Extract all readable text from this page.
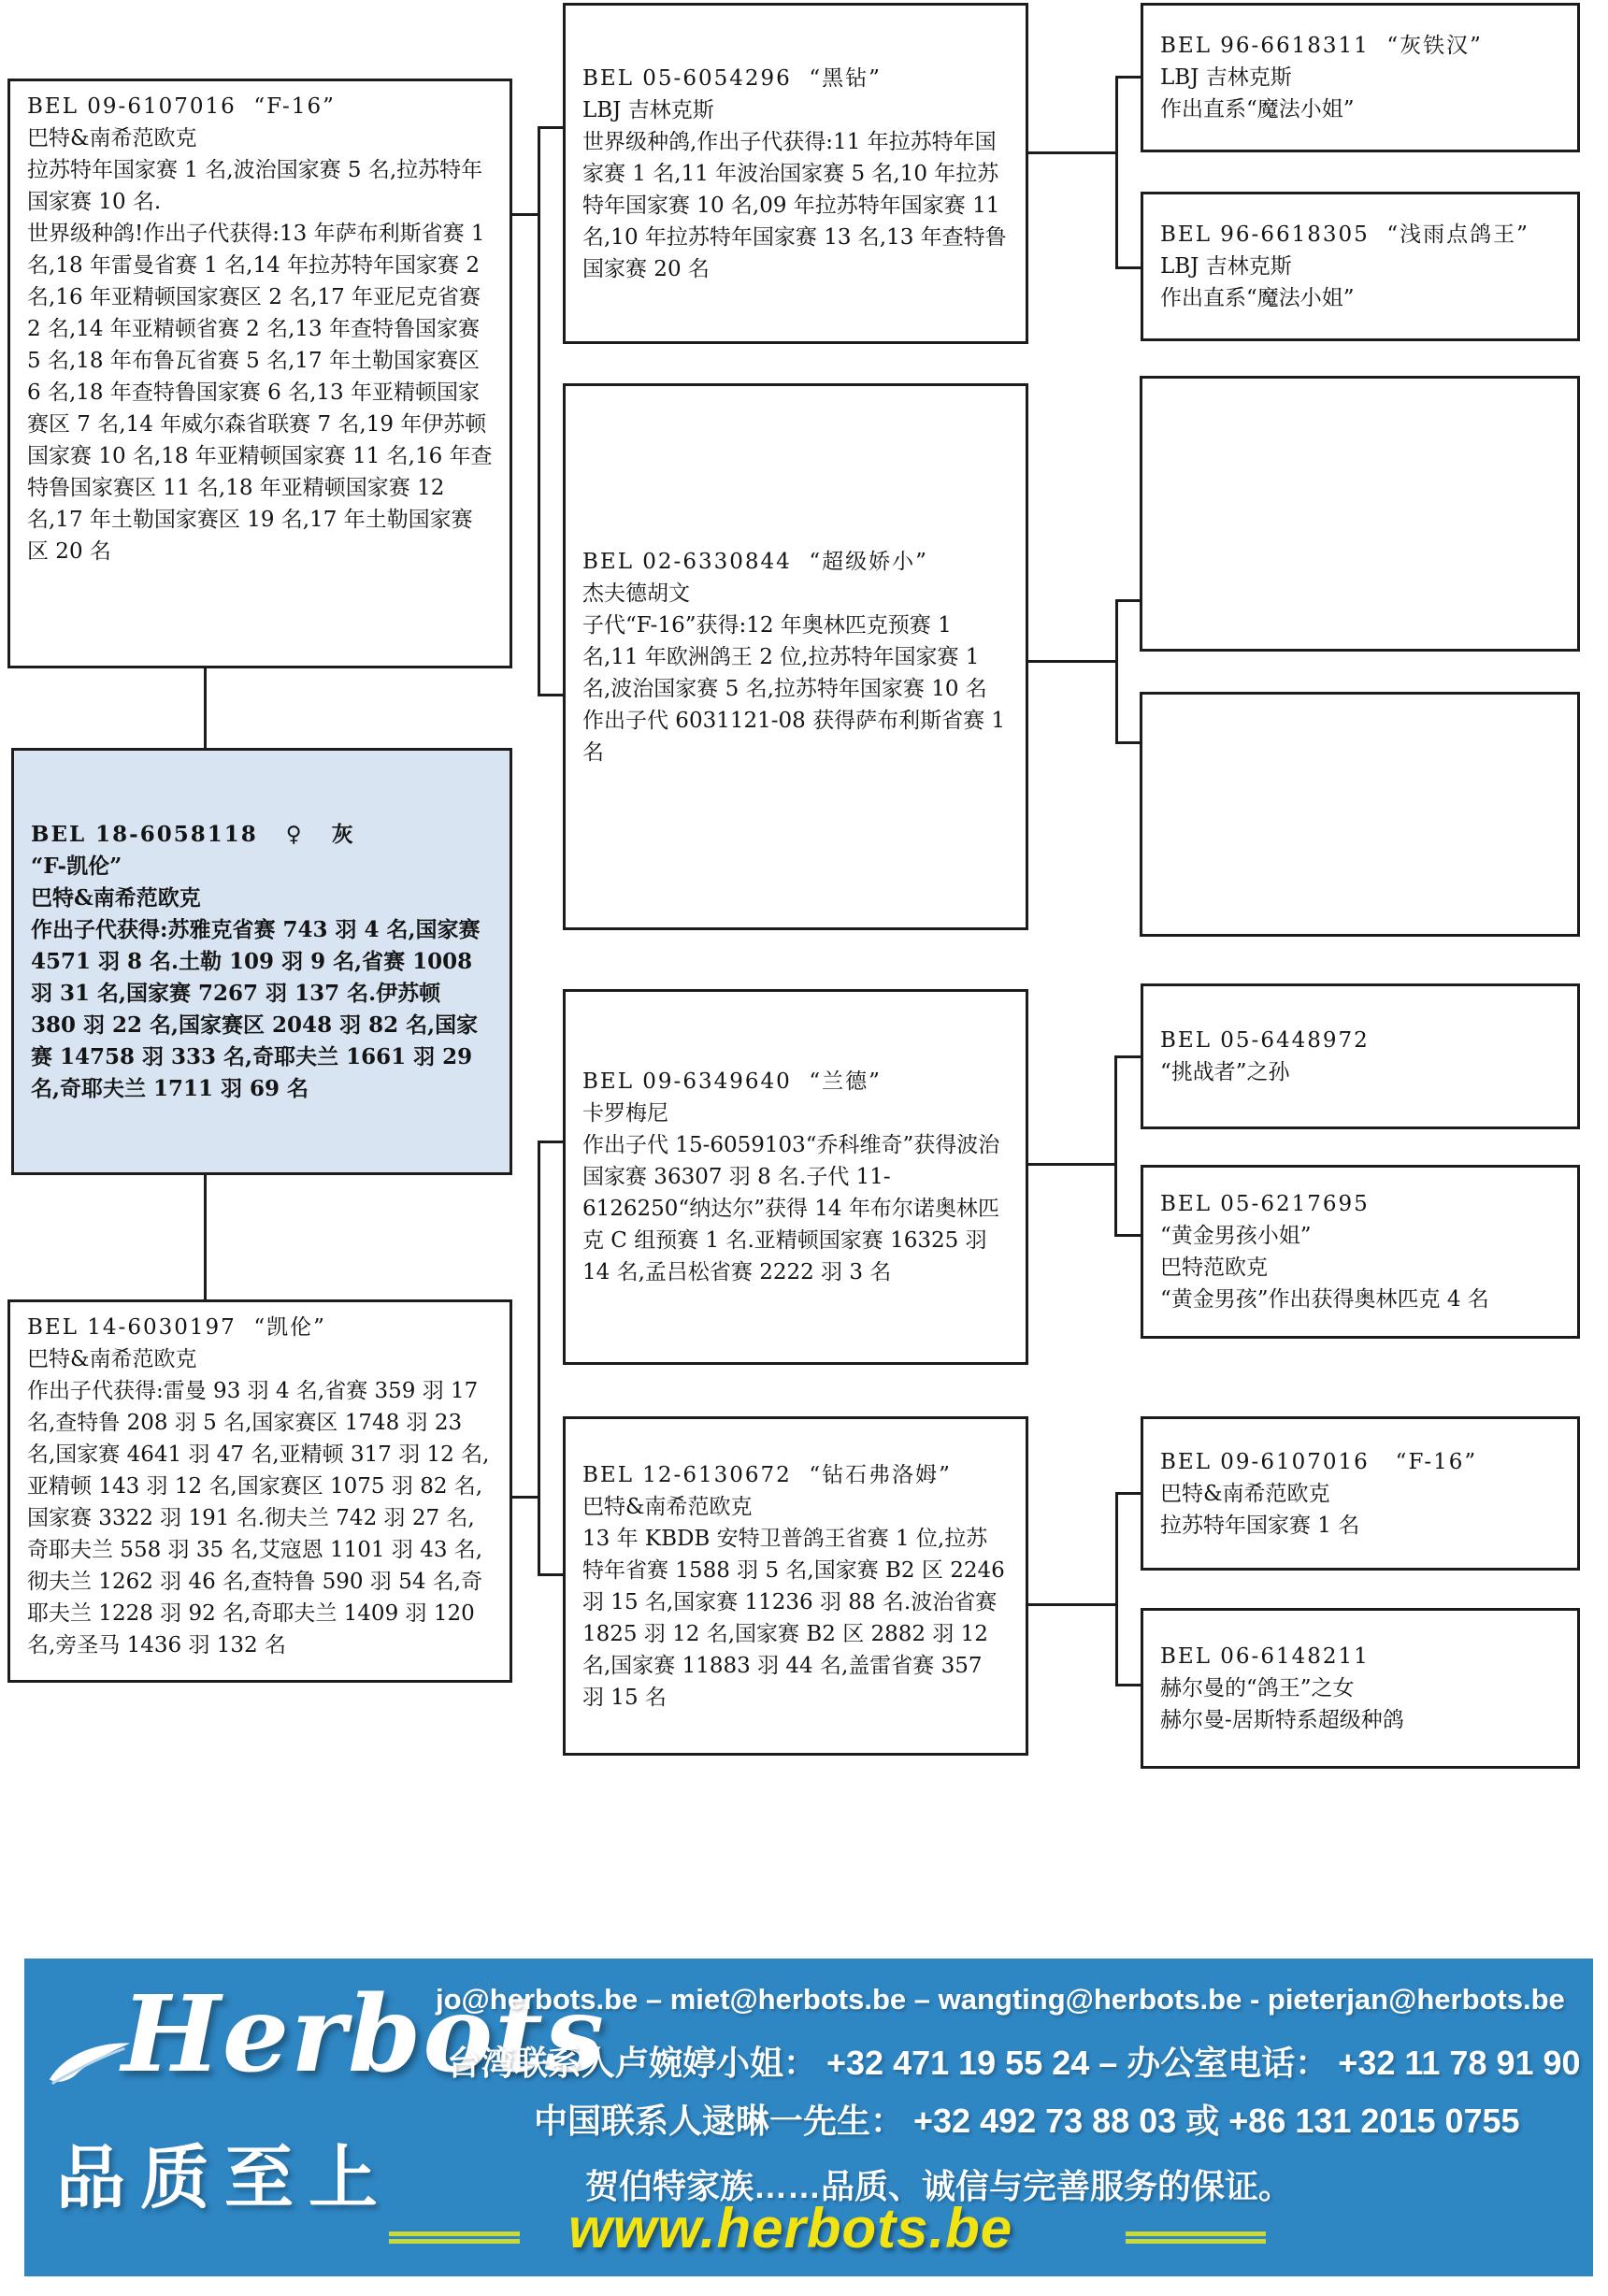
BEL 09-6107016  “F-16”
巴特&南希范欧克
拉苏特年国家赛 1 名,波治国家赛 5 名,拉苏特年国家赛 10 名.
世界级种鸽!作出子代获得:13 年萨布利斯省赛 1 名,18 年雷曼省赛 1 名,14 年拉苏特年国家赛 2 名,16 年亚精顿国家赛区 2 名,17 年亚尼克省赛 2 名,14 年亚精顿省赛 2 名,13 年查特鲁国家赛 5 名,18 年布鲁瓦省赛 5 名,17 年土勒国家赛区 6 名,18 年查特鲁国家赛 6 名,13 年亚精顿国家赛区 7 名,14 年威尔森省联赛 7 名,19 年伊苏顿国家赛 10 名,18 年亚精顿国家赛 11 名,16 年查特鲁国家赛区 11 名,18 年亚精顿国家赛 12 名,17 年土勒国家赛区 19 名,17 年土勒国家赛区 20 名
BEL 18-6058118   ♀   灰
“F-凯伦”
巴特&南希范欧克
作出子代获得:苏雅克省赛 743 羽 4 名,国家赛 4571 羽 8 名.土勒 109 羽 9 名,省赛 1008 羽 31 名,国家赛 7267 羽 137 名.伊苏顿 380 羽 22 名,国家赛区 2048 羽 82 名,国家赛 14758 羽 333 名,奇耶夫兰 1661 羽 29 名,奇耶夫兰 1711 羽 69 名
BEL 14-6030197  “凯伦”
巴特&南希范欧克
作出子代获得:雷曼 93 羽 4 名,省赛 359 羽 17 名,查特鲁 208 羽 5 名,国家赛区 1748 羽 23 名,国家赛 4641 羽 47 名,亚精顿 317 羽 12 名,亚精顿 143 羽 12 名,国家赛区 1075 羽 82 名,国家赛 3322 羽 191 名.彻夫兰 742 羽 27 名,奇耶夫兰 558 羽 35 名,艾寇恩 1101 羽 43 名,彻夫兰 1262 羽 46 名,查特鲁 590 羽 54 名,奇耶夫兰 1228 羽 92 名,奇耶夫兰 1409 羽 120 名,旁圣马 1436 羽 132 名
BEL 05-6054296  “黑钻”
LBJ 吉林克斯
世界级种鸽,作出子代获得:11 年拉苏特年国家赛 1 名,11 年波治国家赛 5 名,10 年拉苏特年国家赛 10 名,09 年拉苏特年国家赛 11 名,10 年拉苏特年国家赛 13 名,13 年查特鲁国家赛 20 名
BEL 02-6330844  “超级娇小”
杰夫德胡文
子代“F-16”获得:12 年奥林匹克预赛 1 名,11 年欧洲鸽王 2 位,拉苏特年国家赛 1 名,波治国家赛 5 名,拉苏特年国家赛 10 名
作出子代 6031121-08 获得萨布利斯省赛 1 名
BEL 09-6349640  “兰德”
卡罗梅尼
作出子代 15-6059103“乔科维奇”获得波治国家赛 36307 羽 8 名.子代 11-6126250“纳达尔”获得 14 年布尔诺奥林匹克 C 组预赛 1 名.亚精顿国家赛 16325 羽 14 名,孟吕松省赛 2222 羽 3 名
BEL 12-6130672  “钻石弗洛姆”
巴特&南希范欧克
13 年 KBDB 安特卫普鸽王省赛 1 位,拉苏特年省赛 1588 羽 5 名,国家赛 B2 区 2246 羽 15 名,国家赛 11236 羽 88 名.波治省赛 1825 羽 12 名,国家赛 B2 区 2882 羽 12 名,国家赛 11883 羽 44 名,盖雷省赛 357 羽 15 名
BEL 96-6618311  “灰铁汉”
LBJ 吉林克斯
作出直系“魔法小姐”
BEL 96-6618305  “浅雨点鸽王”
LBJ 吉林克斯
作出直系“魔法小姐”
BEL 05-6448972
“挑战者”之孙
BEL 05-6217695
“黄金男孩小姐”
巴特范欧克
“黄金男孩”作出获得奥林匹克 4 名
BEL 09-6107016   “F-16”
巴特&南希范欧克
拉苏特年国家赛 1 名
BEL 06-6148211
赫尔曼的“鸽王”之女
赫尔曼-居斯特系超级种鸽
Herbots
品质至上
jo@herbots.be – miet@herbots.be – wangting@herbots.be - pieterjan@herbots.be
台湾联系人卢婉婷小姐： +32 471 19 55 24 – 办公室电话： +32 11 78 91 90
中国联系人逯晽一先生： +32 492 73 88 03 或 +86 131 2015 0755
贺伯特家族……品质、诚信与完善服务的保证。
www.herbots.be
